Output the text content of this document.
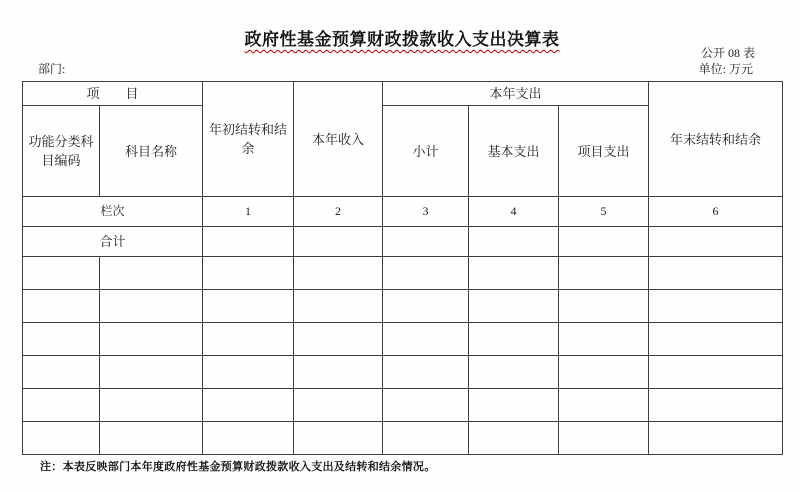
政府性基金预算财政拨款收入支出决算表
公开 08 表
部门:	单位: 万元
项　　目		年初结转和结余	本年收入	本年支出			年末结转和结余
功能分类科目编码	科目名称			小计	基本支出	项目支出	
栏次		1	2	3	4	5	6
合计							

注：本表反映部门本年度政府性基金预算财政拨款收入支出及结转和结余情况。
